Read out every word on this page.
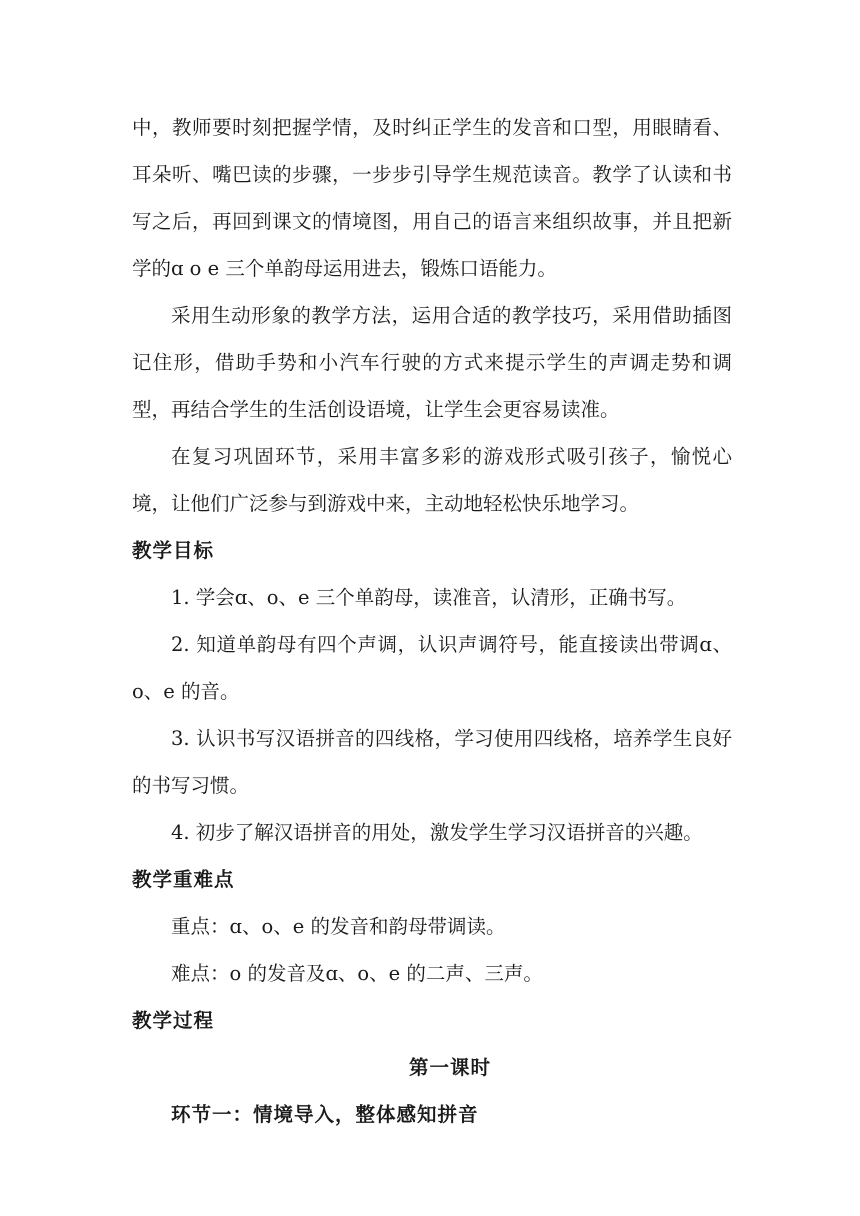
中，教师要时刻把握学情，及时纠正学生的发音和口型，用眼睛看、耳朵听、嘴巴读的步骤，一步步引导学生规范读音。教学了认读和书写之后，再回到课文的情境图，用自己的语言来组织故事，并且把新学的ɑ o e 三个单韵母运用进去，锻炼口语能力。

采用生动形象的教学方法，运用合适的教学技巧，采用借助插图记住形，借助手势和小汽车行驶的方式来提示学生的声调走势和调型，再结合学生的生活创设语境，让学生会更容易读准。

在复习巩固环节，采用丰富多彩的游戏形式吸引孩子，愉悦心境，让他们广泛参与到游戏中来，主动地轻松快乐地学习。

教学目标

1. 学会ɑ、o、e 三个单韵母，读准音，认清形，正确书写。

2. 知道单韵母有四个声调，认识声调符号，能直接读出带调ɑ、o、e 的音。

3. 认识书写汉语拼音的四线格，学习使用四线格，培养学生良好的书写习惯。

4. 初步了解汉语拼音的用处，激发学生学习汉语拼音的兴趣。

教学重难点

重点：ɑ、o、e 的发音和韵母带调读。

难点：o 的发音及ɑ、o、e 的二声、三声。

教学过程
第一课时
环节一：情境导入，整体感知拼音
